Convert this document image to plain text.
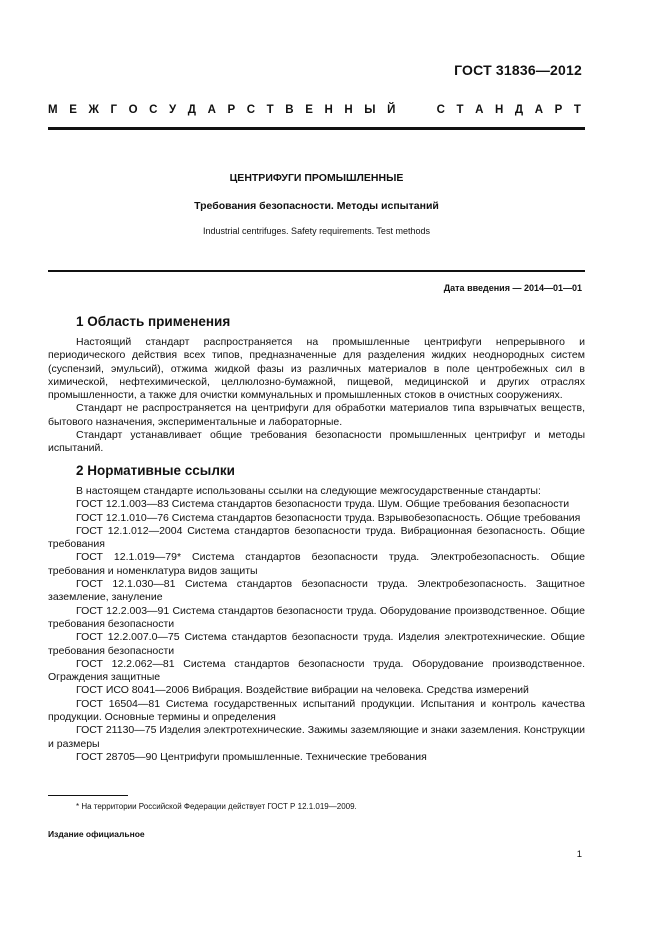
ГОСТ 31836—2012
М Е Ж Г О С У Д А Р С Т В Е Н Н Ы Й

	С Т А Н Д А Р Т
ЦЕНТРИФУГИ ПРОМЫШЛЕННЫЕ
Требования безопасности. Методы испытаний
Industrial centrifuges. Safety requirements. Test methods
Дата введения — 2014—01—01
1 Область применения

Настоящий стандарт распространяется на промышленные центрифуги непрерывного и периодического действия всех типов, предназначенные для разделения жидких неоднородных систем (суспензий, эмульсий), отжима жидкой фазы из различных материалов в поле центробежных сил в химической, нефтехимической, целлюлозно-бумажной, пищевой, медицинской и других отраслях промышленности, а также для очистки коммунальных и промышленных стоков в очистных сооружениях.

Стандарт не распространяется на центрифуги для обработки материалов типа взрывчатых веществ, бытового назначения, экспериментальные и лабораторные.

Стандарт устанавливает общие требования безопасности промышленных центрифуг и методы испытаний.

2 Нормативные ссылки

В настоящем стандарте использованы ссылки на следующие межгосударственные стандарты:

ГОСТ 12.1.003—83 Система стандартов безопасности труда. Шум. Общие требования безопасности

ГОСТ 12.1.010—76 Система стандартов безопасности труда. Взрывобезопасность. Общие требования

ГОСТ 12.1.012—2004 Система стандартов безопасности труда. Вибрационная безопасность. Общие требования

ГОСТ 12.1.019—79* Система стандартов безопасности труда. Электробезопасность. Общие требования и номенклатура видов защиты

ГОСТ 12.1.030—81 Система стандартов безопасности труда. Электробезопасность. Защитное заземление, зануление

ГОСТ 12.2.003—91 Система стандартов безопасности труда. Оборудование производственное. Общие требования безопасности

ГОСТ 12.2.007.0—75 Система стандартов безопасности труда. Изделия электротехнические. Общие требования безопасности

ГОСТ 12.2.062—81 Система стандартов безопасности труда. Оборудование производственное. Ограждения защитные

ГОСТ ИСО 8041—2006 Вибрация. Воздействие вибрации на человека. Средства измерений

ГОСТ 16504—81 Система государственных испытаний продукции. Испытания и контроль качества продукции. Основные термины и определения

ГОСТ 21130—75 Изделия электротехнические. Зажимы заземляющие и знаки заземления. Конструкции и размеры

ГОСТ 28705—90 Центрифуги промышленные. Технические требования

* На территории Российской Федерации действует ГОСТ Р 12.1.019—2009.
Издание официальное
1
